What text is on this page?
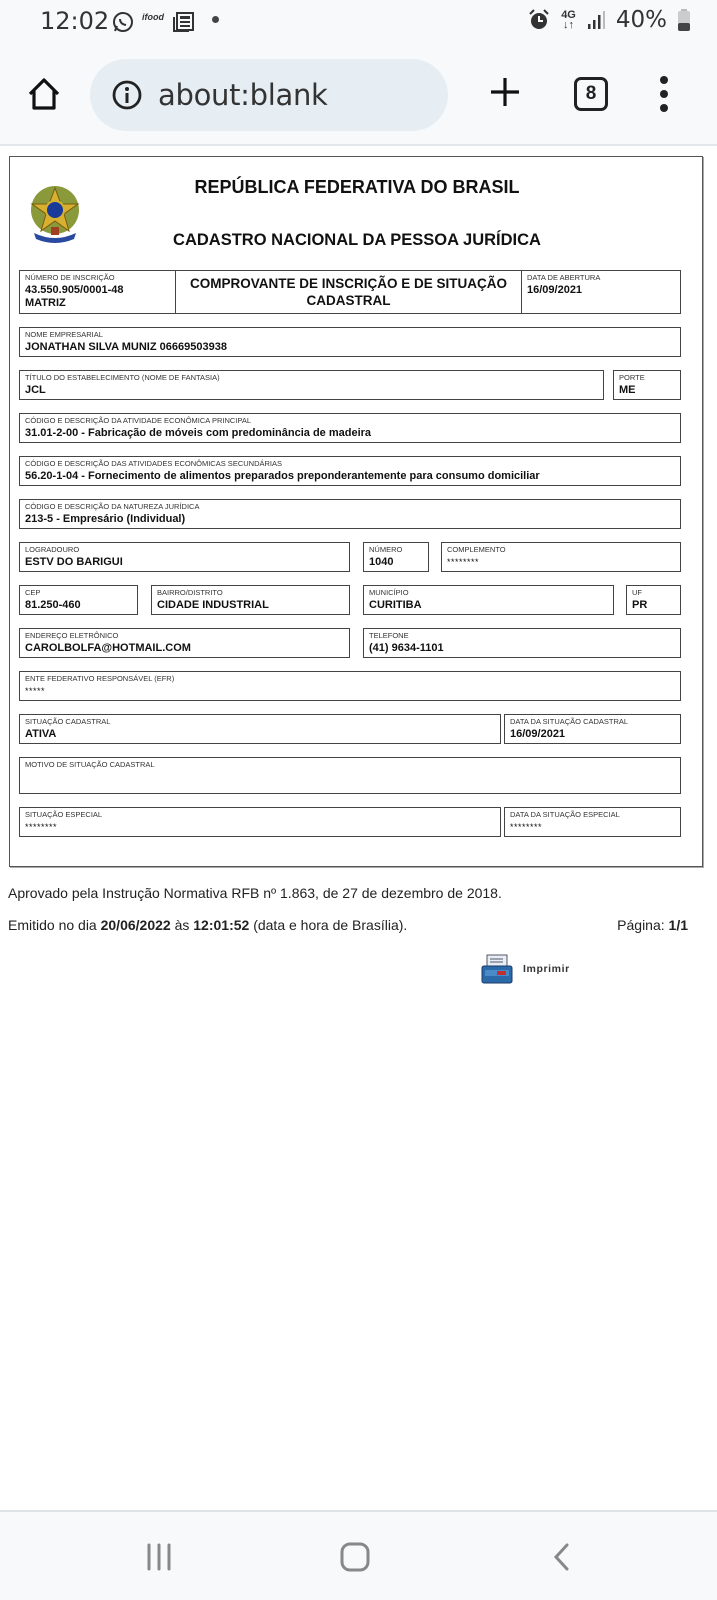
12:02	ifood	4G
↓↑ 40%
about:blank	8
REPÚBLICA FEDERATIVA DO BRASIL
CADASTRO NACIONAL DA PESSOA JURÍDICA
NÚMERO DE INSCRIÇÃO
43.550.905/0001-48
MATRIZ
COMPROVANTE DE INSCRIÇÃO E DE SITUAÇÃO
CADASTRAL
DATA DE ABERTURA
16/09/2021
NOME EMPRESARIAL
JONATHAN SILVA MUNIZ 06669503938
TÍTULO DO ESTABELECIMENTO (NOME DE FANTASIA)
JCL
PORTE
ME
CÓDIGO E DESCRIÇÃO DA ATIVIDADE ECONÔMICA PRINCIPAL
31.01-2-00 - Fabricação de móveis com predominância de madeira
CÓDIGO E DESCRIÇÃO DAS ATIVIDADES ECONÔMICAS SECUNDÁRIAS
56.20-1-04 - Fornecimento de alimentos preparados preponderantemente para consumo domiciliar
CÓDIGO E DESCRIÇÃO DA NATUREZA JURÍDICA
213-5 - Empresário (Individual)
LOGRADOURO
ESTV DO BARIGUI
NÚMERO
1040
COMPLEMENTO
********
CEP
81.250-460
BAIRRO/DISTRITO
CIDADE INDUSTRIAL
MUNICÍPIO
CURITIBA
UF
PR
ENDEREÇO ELETRÔNICO
CAROLBOLFA@HOTMAIL.COM
TELEFONE
(41) 9634-1101
ENTE FEDERATIVO RESPONSÁVEL (EFR)
*****
SITUAÇÃO CADASTRAL
ATIVA
DATA DA SITUAÇÃO CADASTRAL
16/09/2021
MOTIVO DE SITUAÇÃO CADASTRAL
SITUAÇÃO ESPECIAL
********
DATA DA SITUAÇÃO ESPECIAL
********
Aprovado pela Instrução Normativa RFB nº 1.863, de 27 de dezembro de 2018.
Emitido no dia 20/06/2022 às 12:01:52 (data e hora de Brasília).	Página: 1/1
Imprimir
